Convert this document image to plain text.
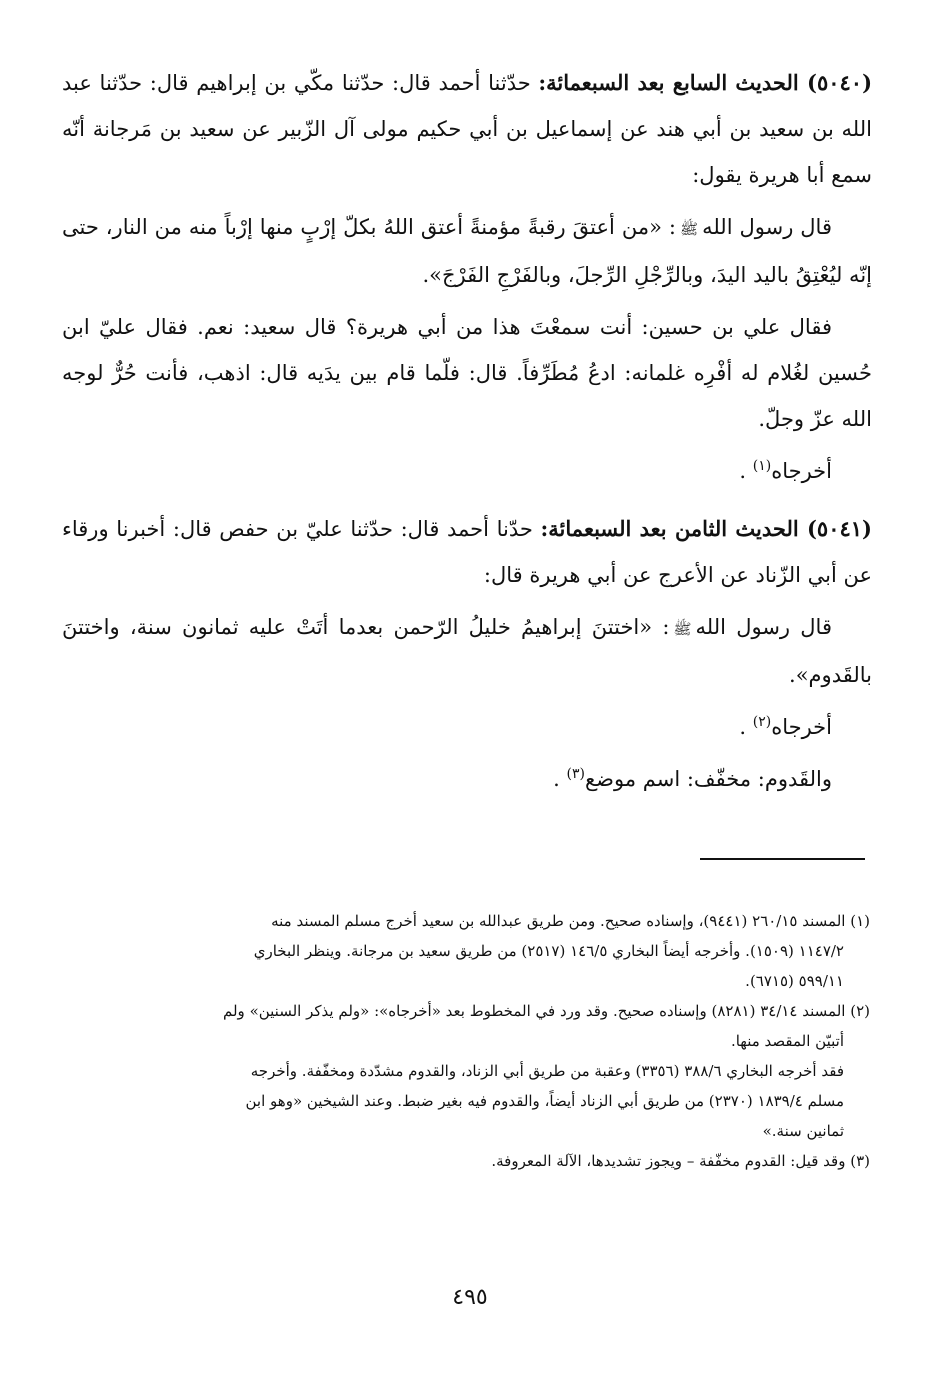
(٥٠٤٠) الحديث السابع بعد السبعمائة: حدّثنا أحمد قال: حدّثنا مكّي بن إبراهيم قال: حدّثنا عبد الله بن سعيد بن أبي هند عن إسماعيل بن أبي حكيم مولى آل الزّبير عن سعيد بن مَرجانة أنّه سمع أبا هريرة يقول:

قال رسول اللهﷺ: «من أعتقَ رقبةً مؤمنةً أعتق اللهُ بكلّ إرْبٍ منها إرْباً منه من النار، حتى إنّه ليُعْتِقُ باليد اليدَ، وبالرِّجْلِ الرِّجلَ، وبالفَرْجِ الفَرْجَ».

فقال علي بن حسين: أنت سمعْتَ هذا من أبي هريرة؟ قال سعيد: نعم. فقال عليّ ابن حُسين لغُلام له أفْرِه غلمانه: ادعُ مُطَرِّفاً. قال: فلّما قام بين يدَيه قال: اذهب، فأنت حُرٌّ لوجه الله عزّ وجلّ.

أخرجاه$^{(١)}$ .

(٥٠٤١) الحديث الثامن بعد السبعمائة: حدّنا أحمد قال: حدّثنا عليّ بن حفص قال: أخبرنا ورقاء عن أبي الزّناد عن الأعرج عن أبي هريرة قال:

قال رسول اللهﷺ: «اختتنَ إبراهيمُ خليلُ الرّحمن بعدما أتَتْ عليه ثمانون سنة، واختتنَ بالقَدوم».

أخرجاه$^{(٢)}$ .

والقَدوم: مخفّف: اسم موضع$^{(٣)}$ .

(١) المسند ٢٦٠/١٥ (٩٤٤١)، وإسناده صحيح. ومن طريق عبدالله بن سعيد أخرج مسلم المسند منه

١١٤٧/٢ (١٥٠٩). وأخرجه أيضاً البخاري ١٤٦/٥ (٢٥١٧) من طريق سعيد بن مرجانة. وينظر البخاري

٥٩٩/١١ (٦٧١٥).

(٢) المسند ٣٤/١٤ (٨٢٨١) وإسناده صحيح. وقد ورد في المخطوط بعد «أخرجاه»: «ولم يذكر السنين» ولم

أتبيّن المقصد منها.

فقد أخرجه البخاري ٣٨٨/٦ (٣٣٥٦) وعقبة من طريق أبي الزناد، والقدوم مشدّدة ومخفّفة. وأخرجه

مسلم ١٨٣٩/٤ (٢٣٧٠) من طريق أبي الزناد أيضاً، والقدوم فيه بغير ضبط. وعند الشيخين «وهو ابن

ثمانين سنة.»

(٣) وقد قيل: القدوم مخفّفة – ويجوز تشديدها، الآلة المعروفة.

٤٩٥
